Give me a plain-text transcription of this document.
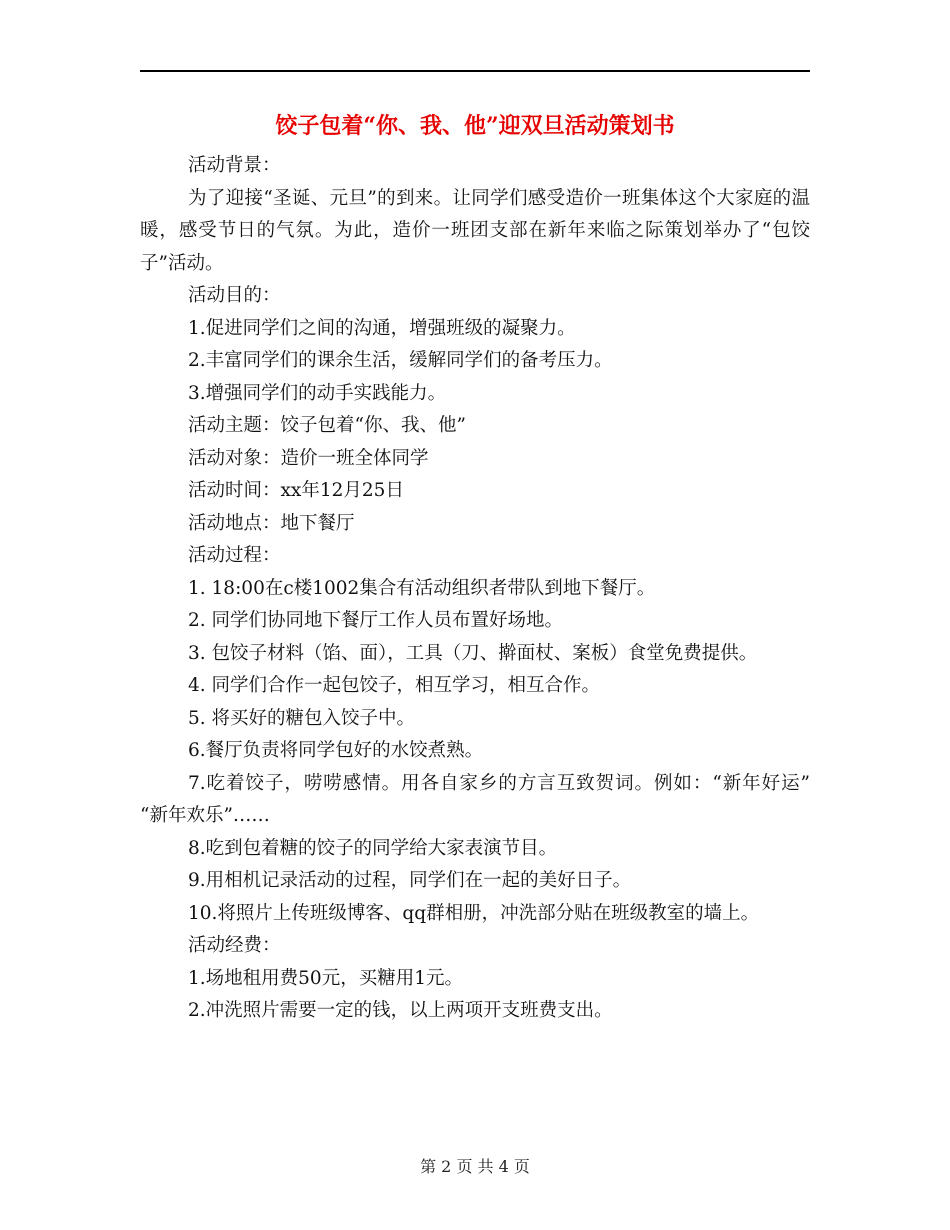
饺子包着“你、我、他”迎双旦活动策划书

活动背景：

为了迎接“圣诞、元旦”的到来。让同学们感受造价一班集体这个大家庭的温暖，感受节日的气氛。为此，造价一班团支部在新年来临之际策划举办了“包饺子”活动。

活动目的：

1.促进同学们之间的沟通，增强班级的凝聚力。

2.丰富同学们的课余生活，缓解同学们的备考压力。

3.增强同学们的动手实践能力。

活动主题：饺子包着“你、我、他”

活动对象：造价一班全体同学

活动时间：xx年12月25日

活动地点：地下餐厅

活动过程：

1. 18:00在c楼1002集合有活动组织者带队到地下餐厅。

2. 同学们协同地下餐厅工作人员布置好场地。

3. 包饺子材料（馅、面），工具（刀、擀面杖、案板）食堂免费提供。

4. 同学们合作一起包饺子，相互学习，相互合作。

5. 将买好的糖包入饺子中。

6.餐厅负责将同学包好的水饺煮熟。

7.吃着饺子，唠唠感情。用各自家乡的方言互致贺词。例如：“新年好运” “新年欢乐”……

8.吃到包着糖的饺子的同学给大家表演节目。

9.用相机记录活动的过程，同学们在一起的美好日子。

10.将照片上传班级博客、qq群相册，冲洗部分贴在班级教室的墙上。

活动经费：

1.场地租用费50元，买糖用1元。

2.冲洗照片需要一定的钱，以上两项开支班费支出。

第 2 页 共 4 页
